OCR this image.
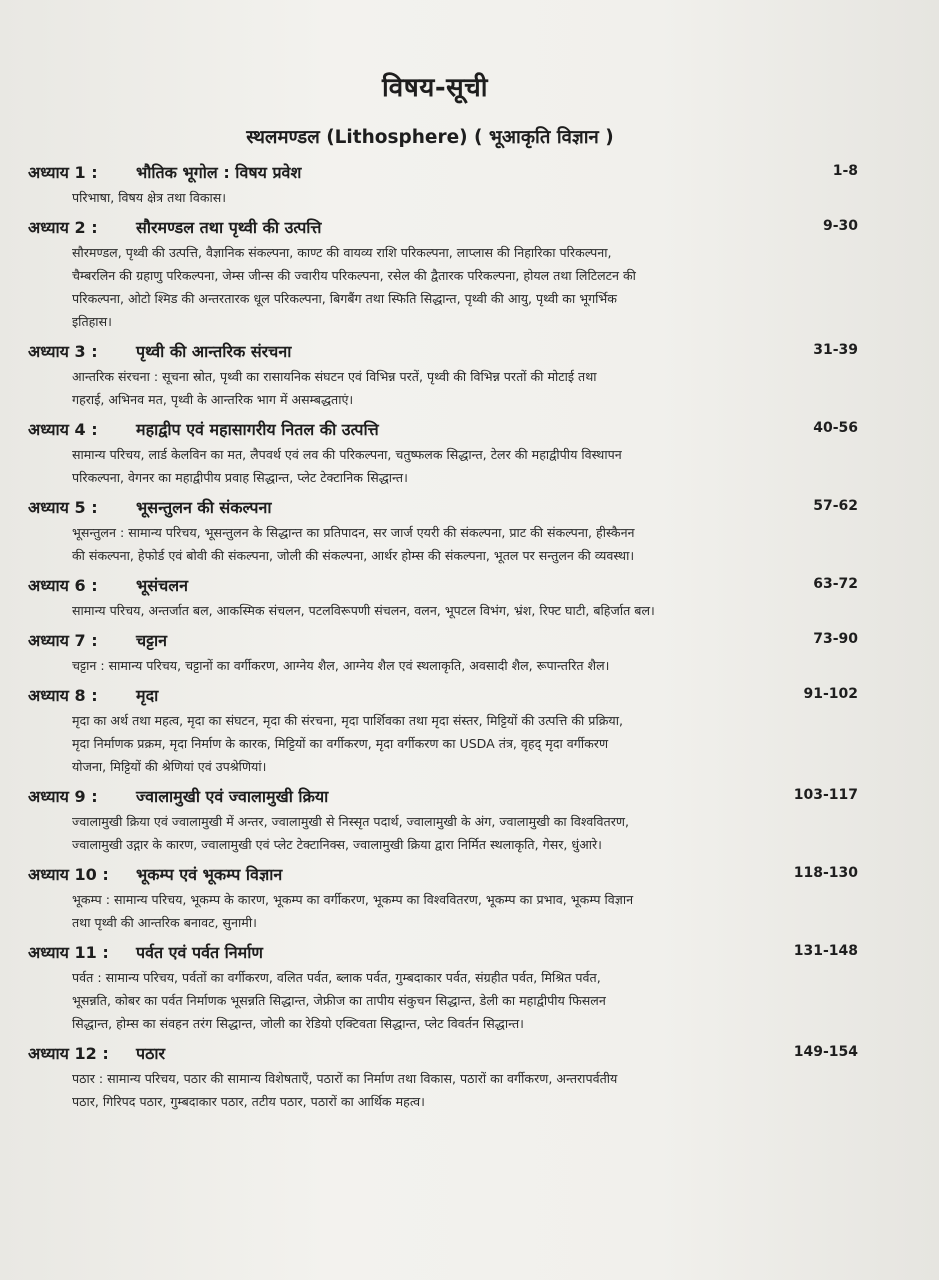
विषय-सूची
स्थलमण्डल (Lithosphere) ( भूआकृति विज्ञान )
अध्याय 1 : भौतिक भूगोल : विषय प्रवेश	1-8
परिभाषा, विषय क्षेत्र तथा विकास।
अध्याय 2 : सौरमण्डल तथा पृथ्वी की उत्पत्ति	9-30
सौरमण्डल, पृथ्वी की उत्पत्ति, वैज्ञानिक संकल्पना, काण्ट की वायव्य राशि परिकल्पना, लाप्लास की निहारिका परिकल्पना,
चैम्बरलिन की ग्रहाणु परिकल्पना, जेम्स जीन्स की ज्वारीय परिकल्पना, रसेल की द्वैतारक परिकल्पना, होयल तथा लिटिलटन की
परिकल्पना, ओटो श्मिड की अन्तरतारक धूल परिकल्पना, बिगबैंग तथा स्फिति सिद्धान्त, पृथ्वी की आयु, पृथ्वी का भूगर्भिक
इतिहास।
अध्याय 3 : पृथ्वी की आन्तरिक संरचना	31-39
आन्तरिक संरचना : सूचना स्रोत, पृथ्वी का रासायनिक संघटन एवं विभिन्न परतें, पृथ्वी की विभिन्न परतों की मोटाई तथा
गहराई, अभिनव मत, पृथ्वी के आन्तरिक भाग में असम्बद्धताएं।
अध्याय 4 : महाद्वीप एवं महासागरीय नितल की उत्पत्ति	40-56
सामान्य परिचय, लार्ड केलविन का मत, लैपवर्थ एवं लव की परिकल्पना, चतुष्फलक सिद्धान्त, टेलर की महाद्वीपीय विस्थापन
परिकल्पना, वेगनर का महाद्वीपीय प्रवाह सिद्धान्त, प्लेट टेक्टानिक सिद्धान्त।
अध्याय 5 : भूसन्तुलन की संकल्पना	57-62
भूसन्तुलन : सामान्य परिचय, भूसन्तुलन के सिद्धान्त का प्रतिपादन, सर जार्ज एयरी की संकल्पना, प्राट की संकल्पना, हीस्कैनन
की संकल्पना, हेफोर्ड एवं बोवी की संकल्पना, जोली की संकल्पना, आर्थर होम्स की संकल्पना, भूतल पर सन्तुलन की व्यवस्था।
अध्याय 6 : भूसंचलन	63-72
सामान्य परिचय, अन्तर्जात बल, आकस्मिक संचलन, पटलविरूपणी संचलन, वलन, भूपटल विभंग, भ्रंश, रिफ्ट घाटी, बहिर्जात बल।
अध्याय 7 : चट्टान	73-90
चट्टान : सामान्य परिचय, चट्टानों का वर्गीकरण, आग्नेय शैल, आग्नेय शैल एवं स्थलाकृति, अवसादी शैल, रूपान्तरित शैल।
अध्याय 8 : मृदा	91-102
मृदा का अर्थ तथा महत्व, मृदा का संघटन, मृदा की संरचना, मृदा पार्शिवका तथा मृदा संस्तर, मिट्टियों की उत्पत्ति की प्रक्रिया,
मृदा निर्माणक प्रक्रम, मृदा निर्माण के कारक, मिट्टियों का वर्गीकरण, मृदा वर्गीकरण का USDA तंत्र, वृहद् मृदा वर्गीकरण
योजना, मिट्टियों की श्रेणियां एवं उपश्रेणियां।
अध्याय 9 : ज्वालामुखी एवं ज्वालामुखी क्रिया	103-117
ज्वालामुखी क्रिया एवं ज्वालामुखी में अन्तर, ज्वालामुखी से निस्सृत पदार्थ, ज्वालामुखी के अंग, ज्वालामुखी का विश्ववितरण,
ज्वालामुखी उद्गार के कारण, ज्वालामुखी एवं प्लेट टेक्टानिक्स, ज्वालामुखी क्रिया द्वारा निर्मित स्थलाकृति, गेसर, धुंआरे।
अध्याय 10 : भूकम्प एवं भूकम्प विज्ञान	118-130
भूकम्प : सामान्य परिचय, भूकम्प के कारण, भूकम्प का वर्गीकरण, भूकम्प का विश्ववितरण, भूकम्प का प्रभाव, भूकम्प विज्ञान
तथा पृथ्वी की आन्तरिक बनावट, सुनामी।
अध्याय 11 : पर्वत एवं पर्वत निर्माण	131-148
पर्वत : सामान्य परिचय, पर्वतों का वर्गीकरण, वलित पर्वत, ब्लाक पर्वत, गुम्बदाकार पर्वत, संग्रहीत पर्वत, मिश्रित पर्वत,
भूसन्नति, कोबर का पर्वत निर्माणक भूसन्नति सिद्धान्त, जेफ्रीज का तापीय संकुचन सिद्धान्त, डेली का महाद्वीपीय फिसलन
सिद्धान्त, होम्स का संवहन तरंग सिद्धान्त, जोली का रेडियो एक्टिवता सिद्धान्त, प्लेट विवर्तन सिद्धान्त।
अध्याय 12 : पठार	149-154
पठार : सामान्य परिचय, पठार की सामान्य विशेषताएँ, पठारों का निर्माण तथा विकास, पठारों का वर्गीकरण, अन्तरापर्वतीय
पठार, गिरिपद पठार, गुम्बदाकार पठार, तटीय पठार, पठारों का आर्थिक महत्व।
